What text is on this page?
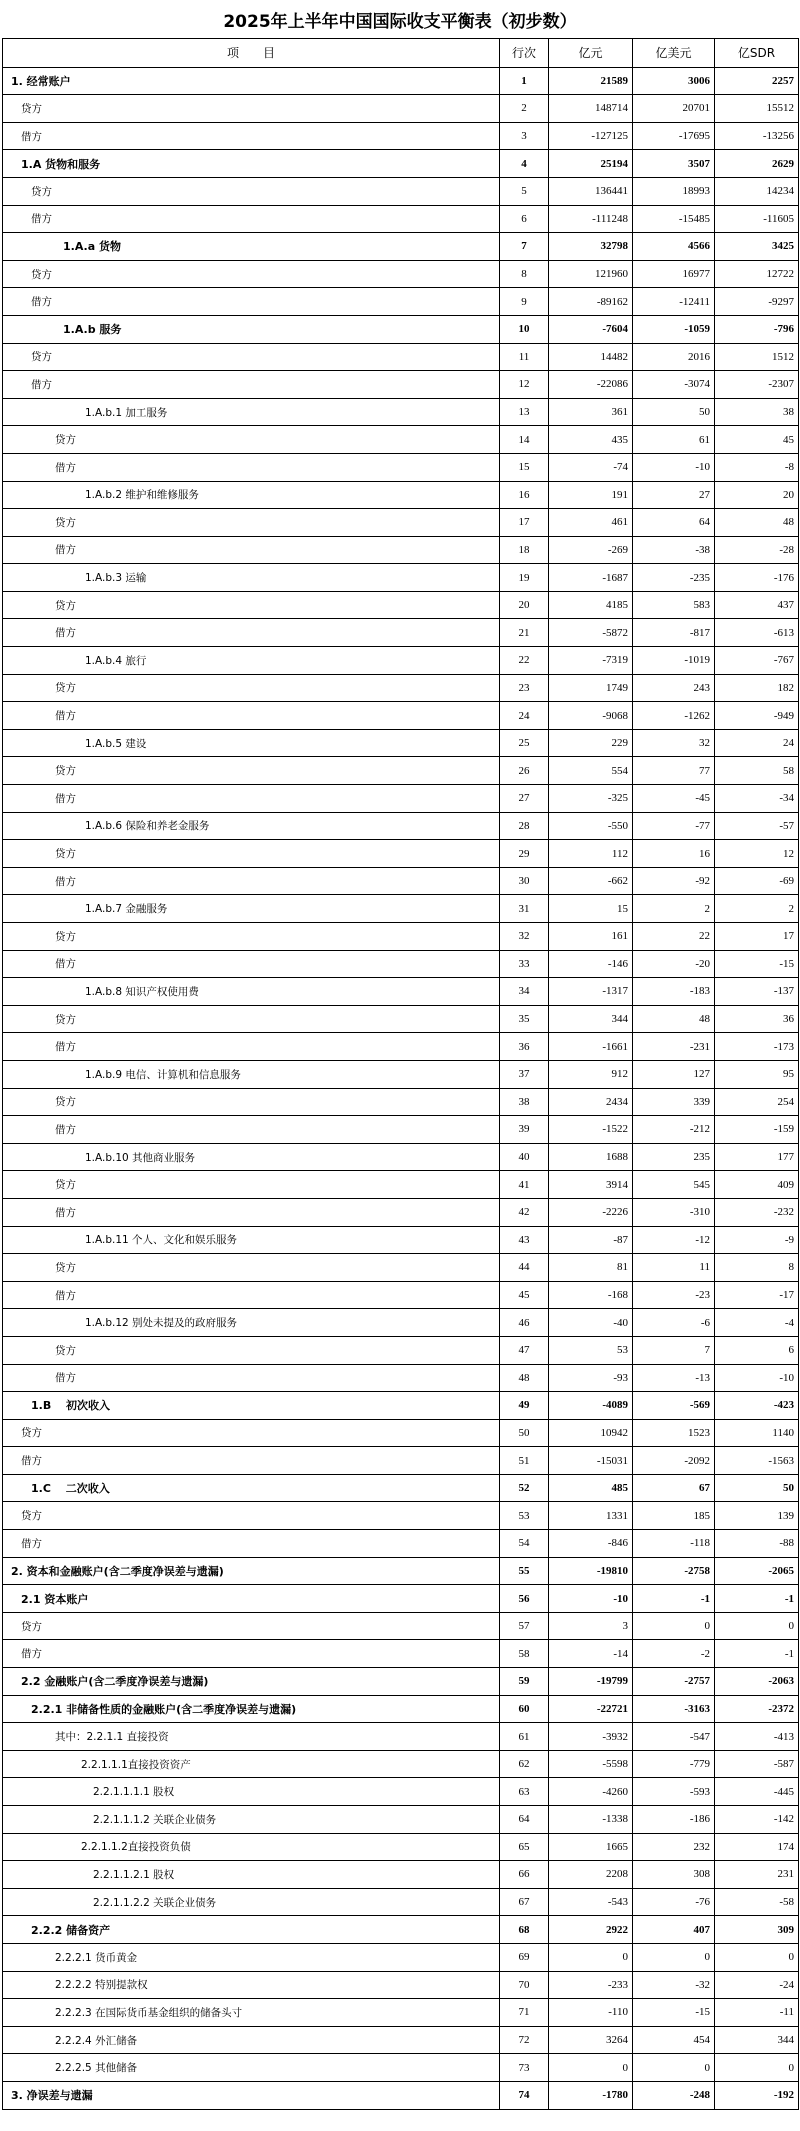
2025年上半年中国国际收支平衡表（初步数）
项　　目	行次	亿元	亿美元	亿SDR
1. 经常账户	1	21589	3006	2257
贷方	2	148714	20701	15512
借方	3	-127125	-17695	-13256
1.A 货物和服务	4	25194	3507	2629
贷方	5	136441	18993	14234
借方	6	-111248	-15485	-11605
1.A.a 货物	7	32798	4566	3425
贷方	8	121960	16977	12722
借方	9	-89162	-12411	-9297
1.A.b 服务	10	-7604	-1059	-796
贷方	11	14482	2016	1512
借方	12	-22086	-3074	-2307
1.A.b.1 加工服务	13	361	50	38
贷方	14	435	61	45
借方	15	-74	-10	-8
1.A.b.2 维护和维修服务	16	191	27	20
贷方	17	461	64	48
借方	18	-269	-38	-28
1.A.b.3 运输	19	-1687	-235	-176
贷方	20	4185	583	437
借方	21	-5872	-817	-613
1.A.b.4 旅行	22	-7319	-1019	-767
贷方	23	1749	243	182
借方	24	-9068	-1262	-949
1.A.b.5 建设	25	229	32	24
贷方	26	554	77	58
借方	27	-325	-45	-34
1.A.b.6 保险和养老金服务	28	-550	-77	-57
贷方	29	112	16	12
借方	30	-662	-92	-69
1.A.b.7 金融服务	31	15	2	2
贷方	32	161	22	17
借方	33	-146	-20	-15
1.A.b.8 知识产权使用费	34	-1317	-183	-137
贷方	35	344	48	36
借方	36	-1661	-231	-173
1.A.b.9 电信、计算机和信息服务	37	912	127	95
贷方	38	2434	339	254
借方	39	-1522	-212	-159
1.A.b.10 其他商业服务	40	1688	235	177
贷方	41	3914	545	409
借方	42	-2226	-310	-232
1.A.b.11 个人、文化和娱乐服务	43	-87	-12	-9
贷方	44	81	11	8
借方	45	-168	-23	-17
1.A.b.12 别处未提及的政府服务	46	-40	-6	-4
贷方	47	53	7	6
借方	48	-93	-13	-10
1.B　 初次收入	49	-4089	-569	-423
贷方	50	10942	1523	1140
借方	51	-15031	-2092	-1563
1.C　 二次收入	52	485	67	50
贷方	53	1331	185	139
借方	54	-846	-118	-88
2. 资本和金融账户(含二季度净误差与遗漏)	55	-19810	-2758	-2065
2.1 资本账户	56	-10	-1	-1
贷方	57	3	0	0
借方	58	-14	-2	-1
2.2 金融账户(含二季度净误差与遗漏)	59	-19799	-2757	-2063
2.2.1 非储备性质的金融账户(含二季度净误差与遗漏)	60	-22721	-3163	-2372
其中：2.2.1.1 直接投资	61	-3932	-547	-413
2.2.1.1.1直接投资资产	62	-5598	-779	-587
2.2.1.1.1.1 股权	63	-4260	-593	-445
2.2.1.1.1.2 关联企业债务	64	-1338	-186	-142
2.2.1.1.2直接投资负债	65	1665	232	174
2.2.1.1.2.1 股权	66	2208	308	231
2.2.1.1.2.2 关联企业债务	67	-543	-76	-58
2.2.2 储备资产	68	2922	407	309
2.2.2.1 货币黄金	69	0	0	0
2.2.2.2 特别提款权	70	-233	-32	-24
2.2.2.3 在国际货币基金组织的储备头寸	71	-110	-15	-11
2.2.2.4 外汇储备	72	3264	454	344
2.2.2.5 其他储备	73	0	0	0
3. 净误差与遗漏	74	-1780	-248	-192
